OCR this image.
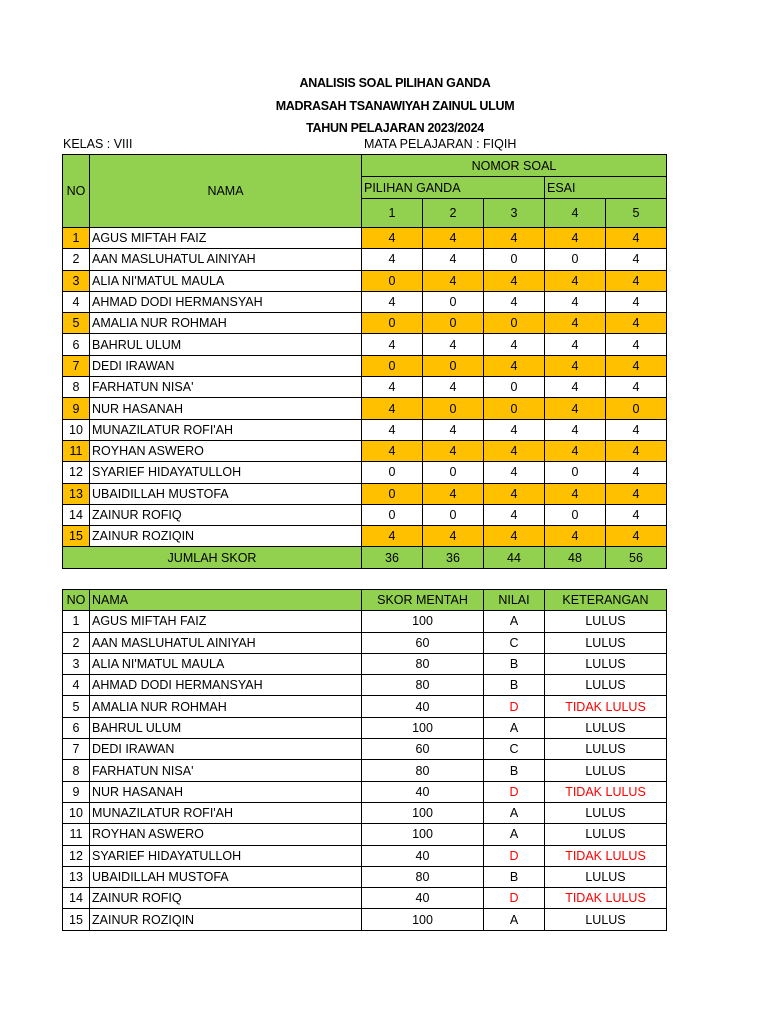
ANALISIS SOAL PILIHAN GANDA
MADRASAH TSANAWIYAH ZAINUL ULUM
TAHUN PELAJARAN 2023/2024
KELAS : VIII	MATA PELAJARAN : FIQIH
NO	NAMA	NOMOR SOAL				
		PILIHAN GANDA			ESAI	
		1	2	3	4	5
1	AGUS MIFTAH FAIZ	4	4	4	4	4
2	AAN MASLUHATUL AINIYAH	4	4	0	0	4
3	ALIA NI'MATUL MAULA	0	4	4	4	4
4	AHMAD DODI HERMANSYAH	4	0	4	4	4
5	AMALIA NUR ROHMAH	0	0	0	4	4
6	BAHRUL ULUM	4	4	4	4	4
7	DEDI IRAWAN	0	0	4	4	4
8	FARHATUN NISA'	4	4	0	4	4
9	NUR HASANAH	4	0	0	4	0
10	MUNAZILATUR ROFI'AH	4	4	4	4	4
11	ROYHAN ASWERO	4	4	4	4	4
12	SYARIEF HIDAYATULLOH	0	0	4	0	4
13	UBAIDILLAH MUSTOFA	0	4	4	4	4
14	ZAINUR ROFIQ	0	0	4	0	4
15	ZAINUR ROZIQIN	4	4	4	4	4
JUMLAH SKOR		36	36	44	48	56
NO	NAMA	SKOR MENTAH	NILAI	KETERANGAN
1	AGUS MIFTAH FAIZ	100	A	LULUS
2	AAN MASLUHATUL AINIYAH	60	C	LULUS
3	ALIA NI'MATUL MAULA	80	B	LULUS
4	AHMAD DODI HERMANSYAH	80	B	LULUS
5	AMALIA NUR ROHMAH	40	D	TIDAK LULUS
6	BAHRUL ULUM	100	A	LULUS
7	DEDI IRAWAN	60	C	LULUS
8	FARHATUN NISA'	80	B	LULUS
9	NUR HASANAH	40	D	TIDAK LULUS
10	MUNAZILATUR ROFI'AH	100	A	LULUS
11	ROYHAN ASWERO	100	A	LULUS
12	SYARIEF HIDAYATULLOH	40	D	TIDAK LULUS
13	UBAIDILLAH MUSTOFA	80	B	LULUS
14	ZAINUR ROFIQ	40	D	TIDAK LULUS
15	ZAINUR ROZIQIN	100	A	LULUS
